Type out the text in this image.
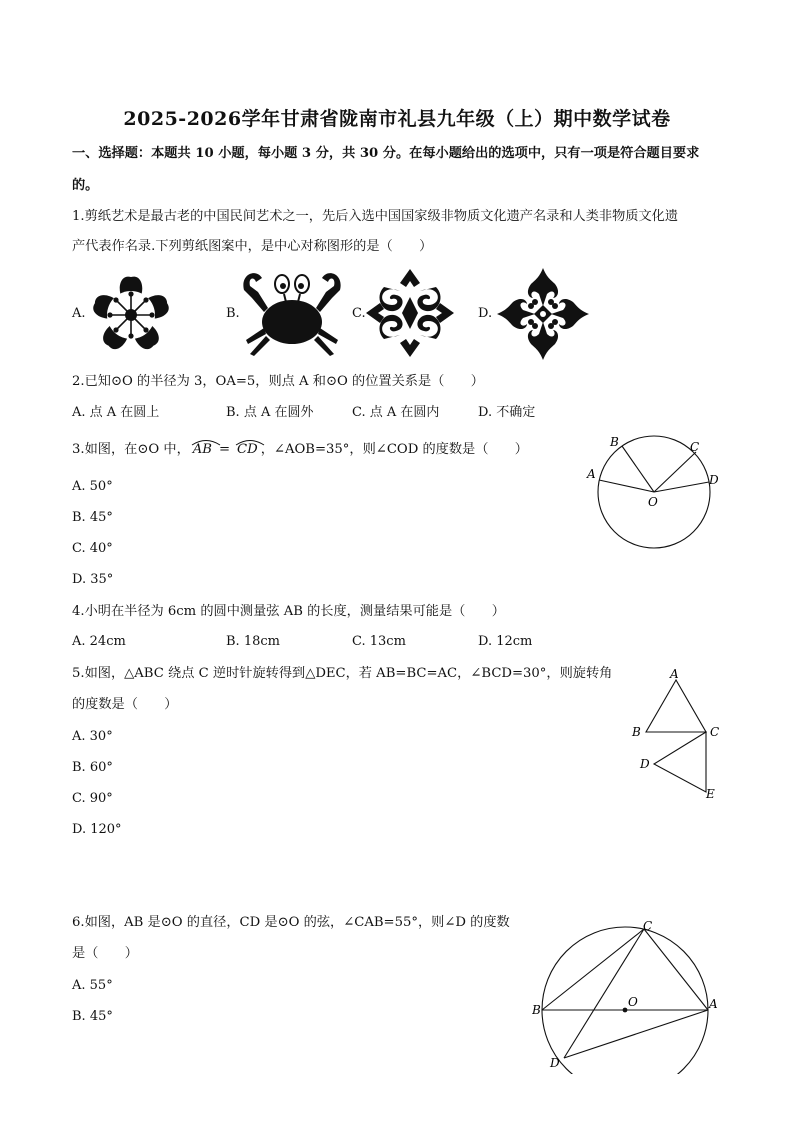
2025-2026学年甘肃省陇南市礼县九年级（上）期中数学试卷
一、选择题：本题共 10 小题，每小题 3 分，共 30 分。在每小题给出的选项中，只有一项是符合题目要求
的。
1.剪纸艺术是最古老的中国民间艺术之一，先后入选中国国家级非物质文化遗产名录和人类非物质文化遗
产代表作名录.下列剪纸图案中，是中心对称图形的是（　　）
A.	B.	C.	D.
2.已知⊙O 的半径为 3，OA=5，则点 A 和⊙O 的位置关系是（　　）
A. 点 A 在圆上	B. 点 A 在圆外	C. 点 A 在圆内	D. 不确定
3.如图，在⊙O 中， AB = CD ，∠AOB=35°，则∠COD 的度数是（　　）
A. 50°
B. 45°
C. 40°
D. 35°
A
B	C
D
O
4.小明在半径为 6cm 的圆中测量弦 AB 的长度，测量结果可能是（　　）
A. 24cm	B. 18cm	C. 13cm	D. 12cm
5.如图，△ABC 绕点 C 逆时针旋转得到△DEC，若 AB=BC=AC，∠BCD=30°，则旋转角
的度数是（　　）
A. 30°
B. 60°
C. 90°
D. 120°
A
B	C
D
E
6.如图，AB 是⊙O 的直径，CD 是⊙O 的弦，∠CAB=55°，则∠D 的度数
是（　　）
A. 55°
B. 45°	B	A
C
D
O
